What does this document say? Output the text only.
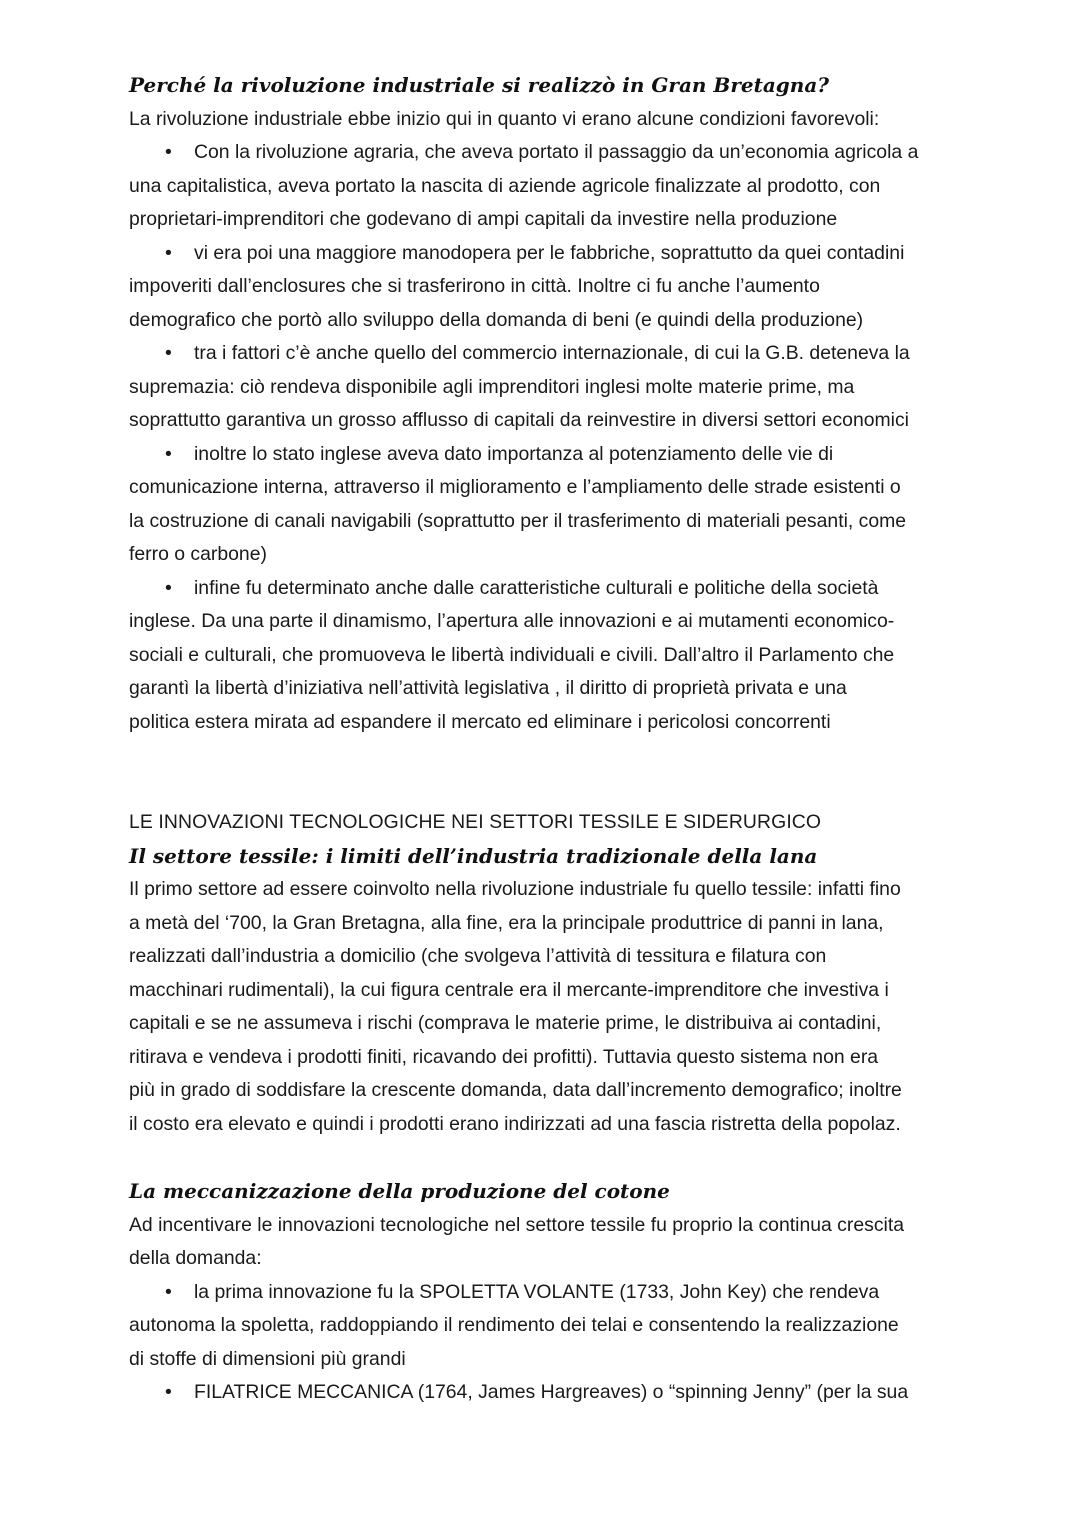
Perché la rivoluzione industriale si realizzò in Gran Bretagna?
La rivoluzione industriale ebbe inizio qui in quanto vi erano alcune condizioni favorevoli:
• Con la rivoluzione agraria, che aveva portato il passaggio da un’economia agricola a
una capitalistica, aveva portato la nascita di aziende agricole finalizzate al prodotto, con
proprietari-imprenditori che godevano di ampi capitali da investire nella produzione
• vi era poi una maggiore manodopera per le fabbriche, soprattutto da quei contadini
impoveriti dall’enclosures che si trasferirono in città. Inoltre ci fu anche l’aumento
demografico che portò allo sviluppo della domanda di beni (e quindi della produzione)
• tra i fattori c’è anche quello del commercio internazionale, di cui la G.B. deteneva la
supremazia: ciò rendeva disponibile agli imprenditori inglesi molte materie prime, ma
soprattutto garantiva un grosso afflusso di capitali da reinvestire in diversi settori economici
• inoltre lo stato inglese aveva dato importanza al potenziamento delle vie di
comunicazione interna, attraverso il miglioramento e l’ampliamento delle strade esistenti o
la costruzione di canali navigabili (soprattutto per il trasferimento di materiali pesanti, come
ferro o carbone)
• infine fu determinato anche dalle caratteristiche culturali e politiche della società
inglese. Da una parte il dinamismo, l’apertura alle innovazioni e ai mutamenti economico-
sociali e culturali, che promuoveva le libertà individuali e civili. Dall’altro il Parlamento che
garantì la libertà d’iniziativa nell’attività legislativa , il diritto di proprietà privata e una
politica estera mirata ad espandere il mercato ed eliminare i pericolosi concorrenti
LE INNOVAZIONI TECNOLOGICHE NEI SETTORI TESSILE E SIDERURGICO
Il settore tessile: i limiti dell’industria tradizionale della lana
Il primo settore ad essere coinvolto nella rivoluzione industriale fu quello tessile: infatti fino
a metà del ‘700, la Gran Bretagna, alla fine, era la principale produttrice di panni in lana,
realizzati dall’industria a domicilio (che svolgeva l’attività di tessitura e filatura con
macchinari rudimentali), la cui figura centrale era il mercante-imprenditore che investiva i
capitali e se ne assumeva i rischi (comprava le materie prime, le distribuiva ai contadini,
ritirava e vendeva i prodotti finiti, ricavando dei profitti). Tuttavia questo sistema non era
più in grado di soddisfare la crescente domanda, data dall’incremento demografico; inoltre
il costo era elevato e quindi i prodotti erano indirizzati ad una fascia ristretta della popolaz.
La meccanizzazione della produzione del cotone
Ad incentivare le innovazioni tecnologiche nel settore tessile fu proprio la continua crescita
della domanda:
• la prima innovazione fu la SPOLETTA VOLANTE (1733, John Key) che rendeva
autonoma la spoletta, raddoppiando il rendimento dei telai e consentendo la realizzazione
di stoffe di dimensioni più grandi
• FILATRICE MECCANICA (1764, James Hargreaves) o “spinning Jenny” (per la sua
